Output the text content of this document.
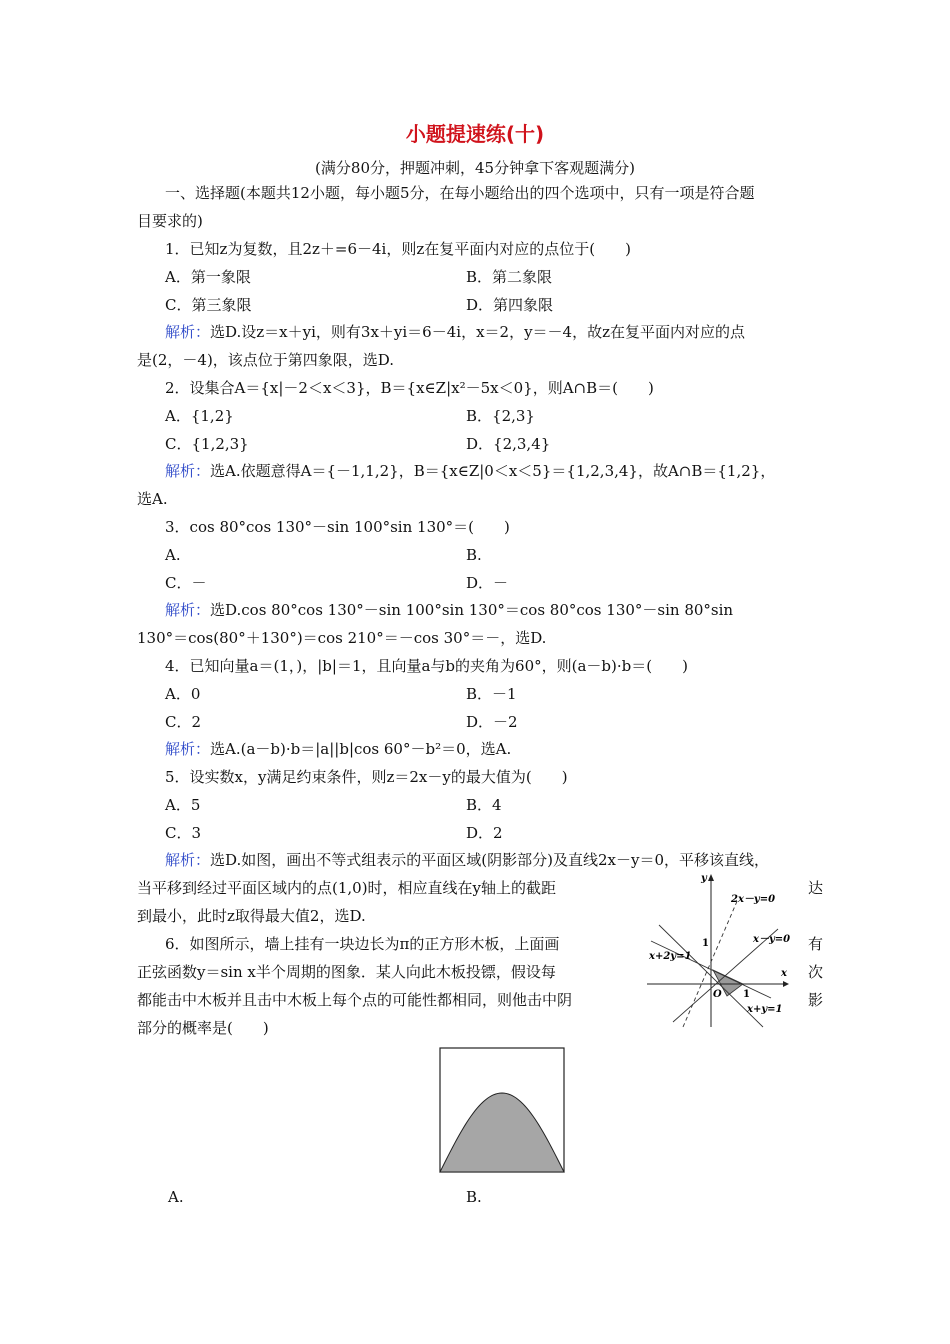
小题提速练(十)
(满分80分，押题冲刺，45分钟拿下客观题满分)
一、选择题(本题共12小题，每小题5分，在每小题给出的四个选项中，只有一项是符合题
目要求的)
1．已知z为复数，且2z＋=6－4i，则z在复平面内对应的点位于(　　)
A．第一象限	B．第二象限
C．第三象限	D．第四象限
解析：选D.设z＝x＋yi，则有3x＋yi＝6－4i，x＝2，y＝－4，故z在复平面内对应的点
是(2，－4)，该点位于第四象限，选D.
2．设集合A＝{x|－2＜x＜3}，B＝{x∈Z|x²－5x＜0}，则A∩B＝(　　)
A．{1,2}	B．{2,3}
C．{1,2,3}	D．{2,3,4}
解析：选A.依题意得A＝{－1,1,2}，B＝{x∈Z|0＜x＜5}＝{1,2,3,4}，故A∩B＝{1,2}，
选A.
3．cos 80°cos 130°－sin 100°sin 130°＝(　　)
A.	B.
C．－	D．－
解析：选D.cos 80°cos 130°－sin 100°sin 130°＝cos 80°cos 130°－sin 80°sin
130°＝cos(80°＋130°)＝cos 210°＝－cos 30°＝－，选D.
4．已知向量a＝(1，)，|b|＝1，且向量a与b的夹角为60°，则(a－b)·b＝(　　)
A．0	B．－1
C．2	D．－2
解析：选A.(a－b)·b＝|a||b|cos 60°－b²＝0，选A.
5．设实数x，y满足约束条件，则z＝2x－y的最大值为(　　)
A．5	B．4
C．3	D．2
解析：选D.如图，画出不等式组表示的平面区域(阴影部分)及直线2x－y＝0，平移该直线，
当平移到经过平面区域内的点(1,0)时，相应直线在y轴上的截距	达
到最小，此时z取得最大值2，选D.
6．如图所示，墙上挂有一块边长为π的正方形木板，上面画	有
正弦函数y＝sin x半个周期的图象．某人向此木板投镖，假设每	次
都能击中木板并且击中木板上每个点的可能性都相同，则他击中阴	影
部分的概率是(　　)
A.	B.
y
x
O
1
1
2x－y=0
x－y=0
x+2y=1
x+y=1
